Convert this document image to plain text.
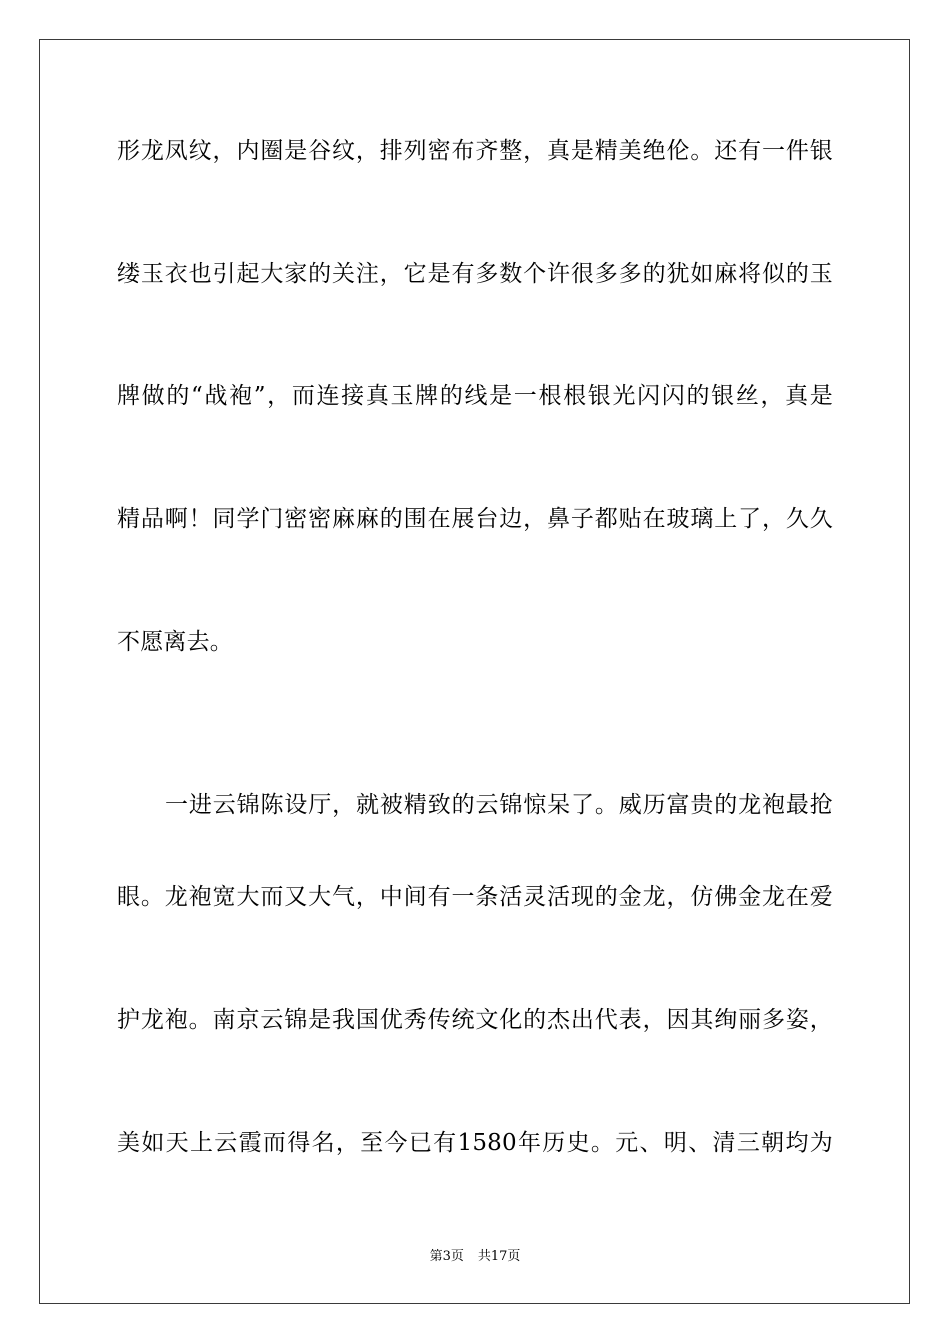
形龙凤纹，内圈是谷纹，排列密布齐整，真是精美绝伦。还有一件银
缕玉衣也引起大家的关注，它是有多数个许很多多的犹如麻将似的玉
牌做的“战袍”，而连接真玉牌的线是一根根银光闪闪的银丝，真是
精品啊！同学门密密麻麻的围在展台边，鼻子都贴在玻璃上了，久久
不愿离去。
一进云锦陈设厅，就被精致的云锦惊呆了。威历富贵的龙袍最抢
眼。龙袍宽大而又大气，中间有一条活灵活现的金龙，仿佛金龙在爱
护龙袍。南京云锦是我国优秀传统文化的杰出代表，因其绚丽多姿，
美如天上云霞而得名，至今已有1580年历史。元、明、清三朝均为
第3页 共17页
